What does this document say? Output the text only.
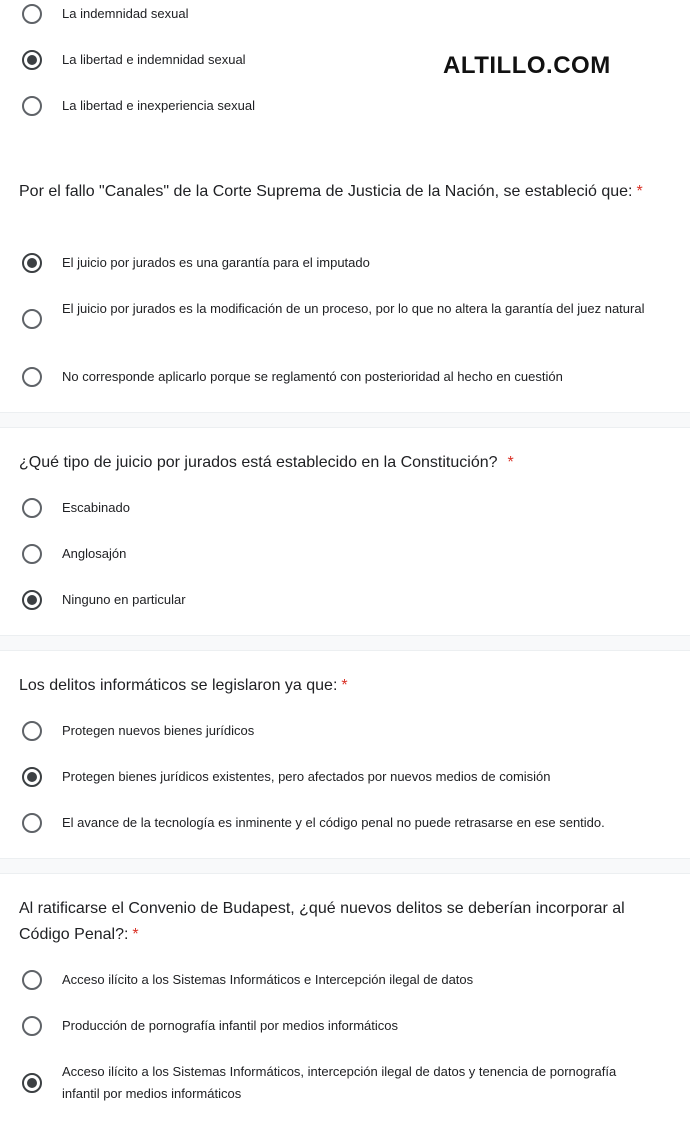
ALTILLO.COM
La indemnidad sexual
La libertad e indemnidad sexual
La libertad e inexperiencia sexual
Por el fallo "Canales" de la Corte Suprema de Justicia de la Nación, se estableció que: *
El juicio por jurados es una garantía para el imputado
El juicio por jurados es la modificación de un proceso, por lo que no altera la garantía del juez natural
No corresponde aplicarlo porque se reglamentó con posterioridad al hecho en cuestión
¿Qué tipo de juicio por jurados está establecido en la Constitución? *
Escabinado
Anglosajón
Ninguno en particular
Los delitos informáticos se legislaron ya que: *
Protegen nuevos bienes jurídicos
Protegen bienes jurídicos existentes, pero afectados por nuevos medios de comisión
El avance de la tecnología es inminente y el código penal no puede retrasarse en ese sentido.
Al ratificarse el Convenio de Budapest, ¿qué nuevos delitos se deberían incorporar al Código Penal?: *
Acceso ilícito a los Sistemas Informáticos e Intercepción ilegal de datos
Producción de pornografía infantil por medios informáticos
Acceso ilícito a los Sistemas Informáticos, intercepción ilegal de datos y tenencia de pornografía infantil por medios informáticos
